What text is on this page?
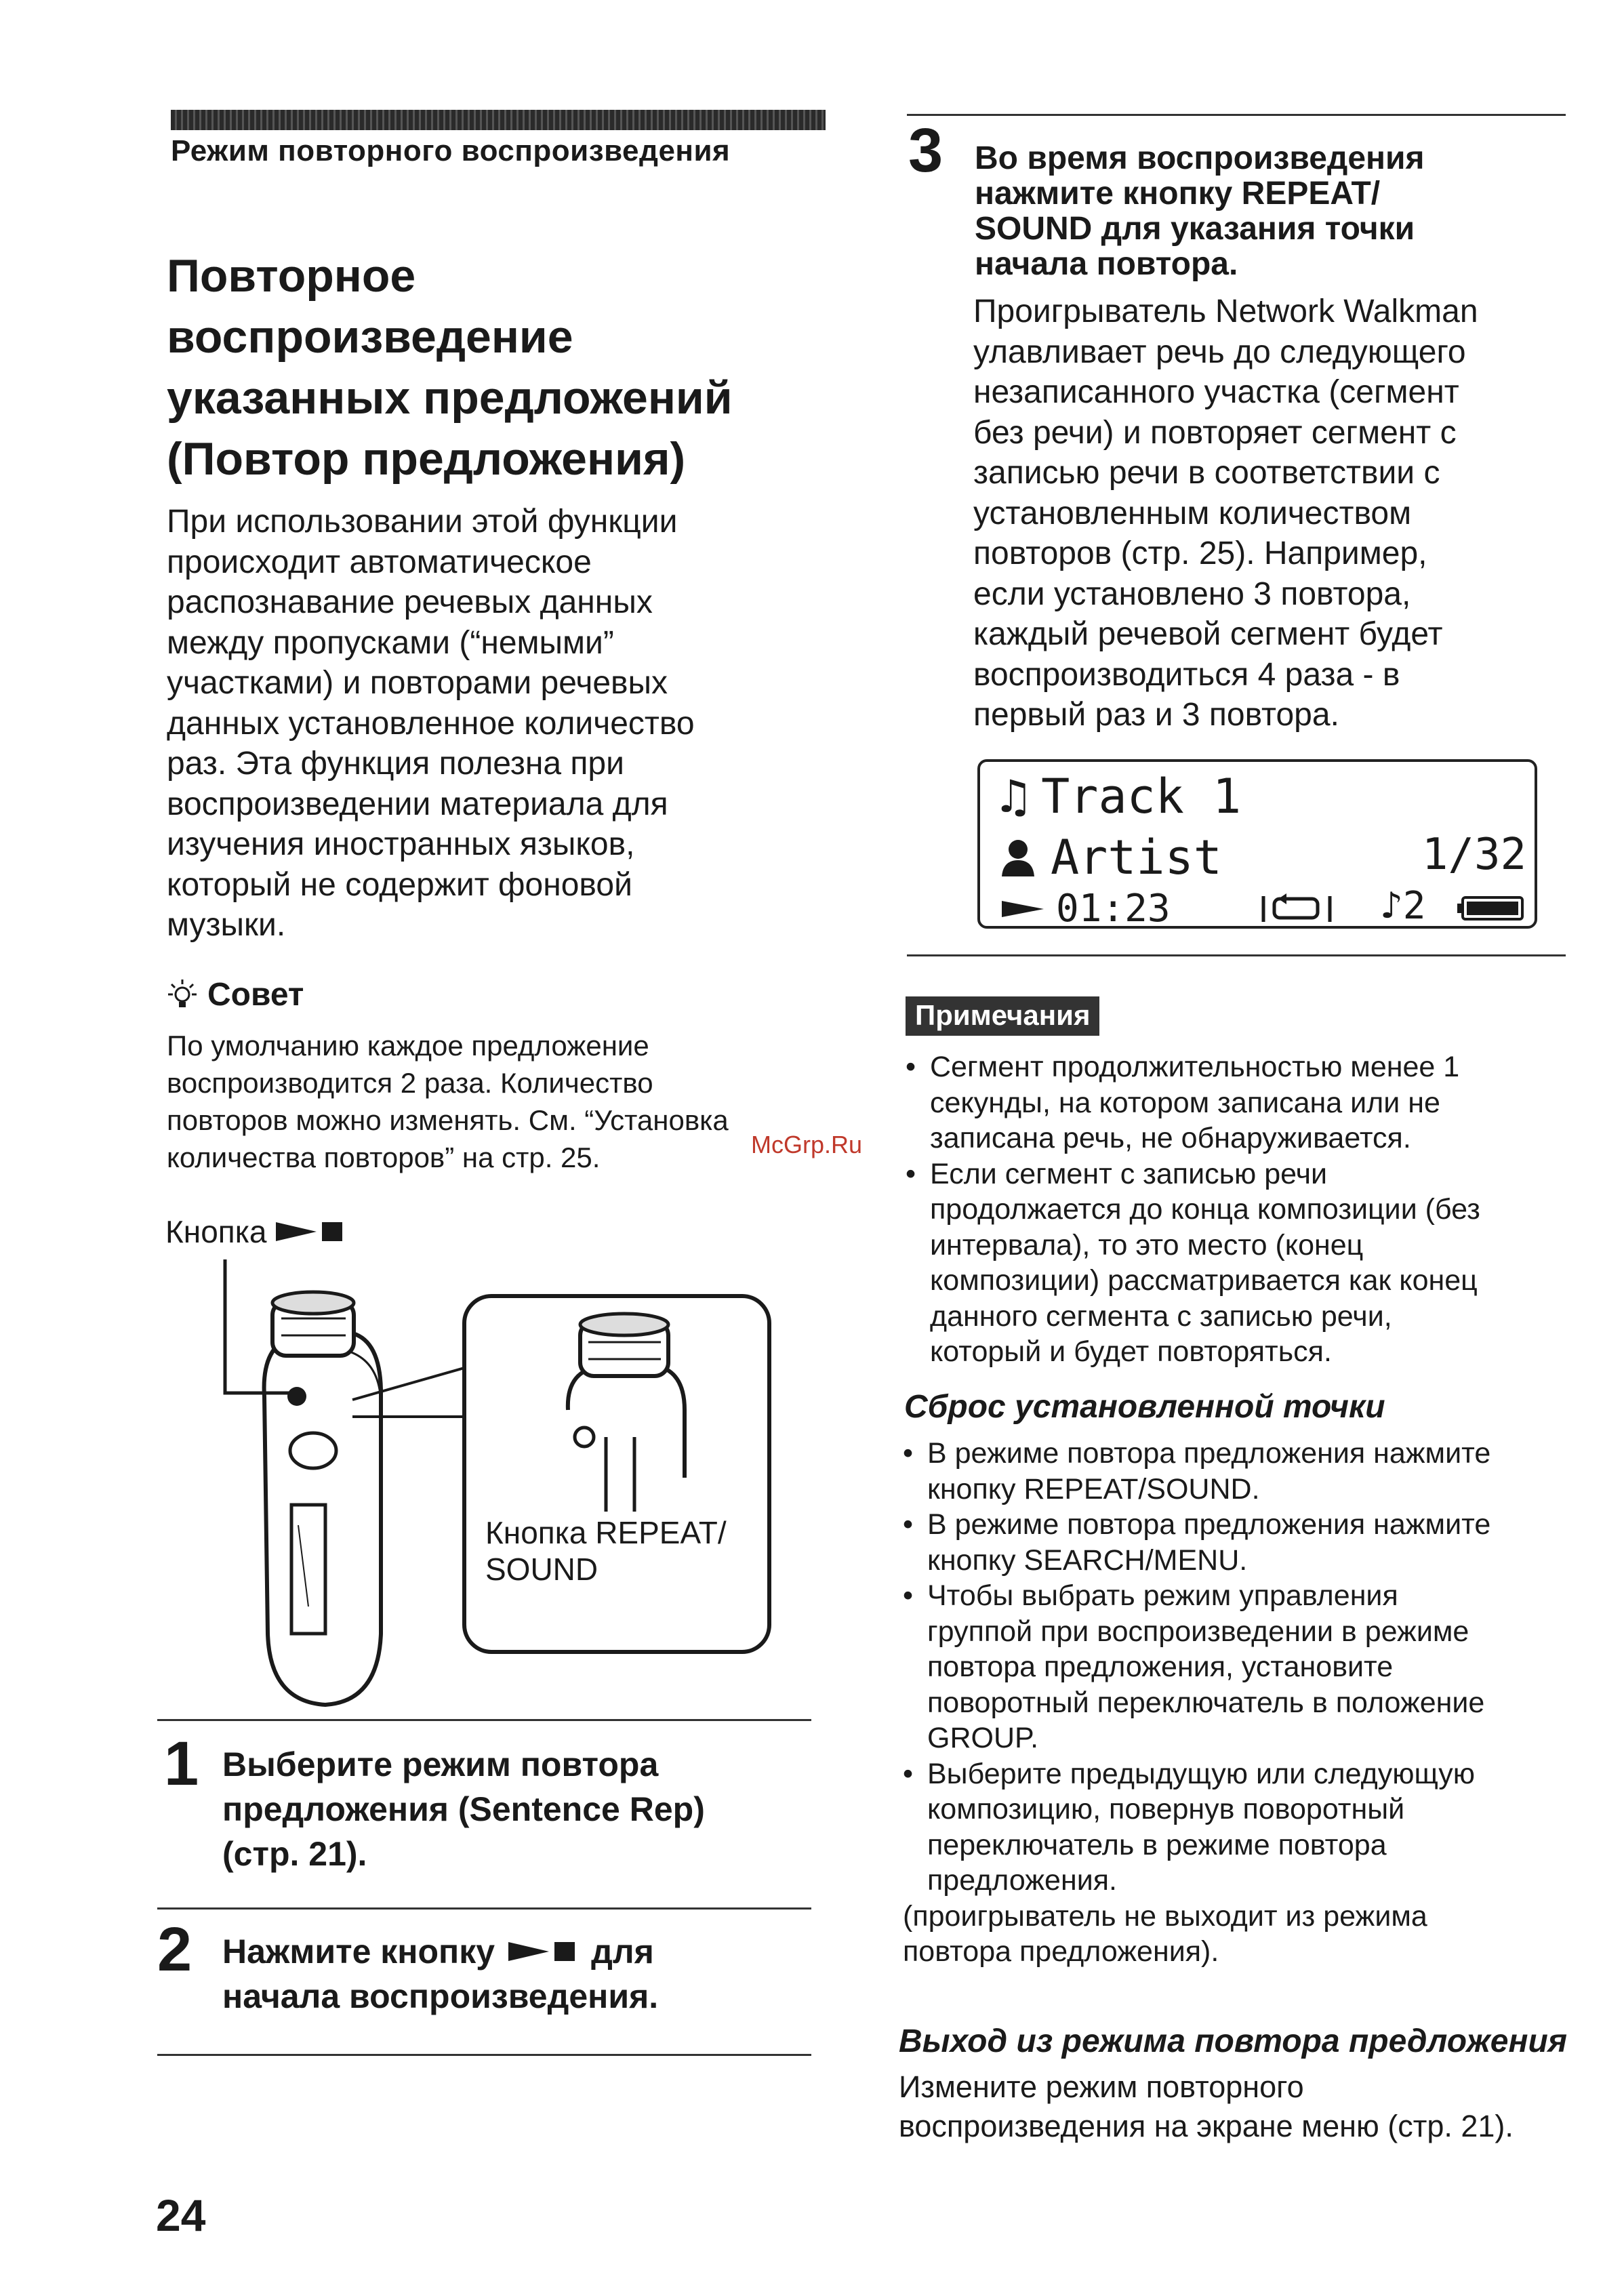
Режим повторного воспроизведения
Повторное
воспроизведение
указанных предложений
(Повтор предложения)
При использовании этой функции
происходит автоматическое
распознавание речевых данных
между пропусками (“немыми”
участками) и повторами речевых
данных установленное количество
раз. Эта функция полезна при
воспроизведении материала для
изучения иностранных языков,
который не содержит фоновой
музыки.
Совет
По умолчанию каждое предложение
воспроизводится 2 раза. Количество
повторов можно изменять. См. “Установка
количества повторов” на стр. 25.
Кнопка
Кнопка REPEAT/
SOUND
1 Выберите режим повтора
предложения (Sentence Rep)
(стр. 21).
2 Нажмите кнопку	для
начала воспроизведения.
24
3 Во время воспроизведения
нажмите кнопку REPEAT/
SOUND для указания точки
начала повтора.
Проигрыватель Network Walkman
улавливает речь до следующего
незаписанного участка (сегмент
без речи) и повторяет сегмент с
записью речи в соответствии с
установленным количеством
повторов (стр. 25). Например,
если установлено 3 повтора,
каждый речевой сегмент будет
воспроизводиться 4 раза - в
первый раз и 3 повтора.
♫ Track 1
Artist	1/32
01:23	♪ 2
Примечания
• Сегмент продолжительностью менее 1
секунды, на котором записана или не
записана речь, не обнаруживается.
• Если сегмент с записью речи
продолжается до конца композиции (без
интервала), то это место (конец
композиции) рассматривается как конец
данного сегмента с записью речи,
который и будет повторяться.
Сброс установленной точки
• В режиме повтора предложения нажмите
кнопку REPEAT/SOUND.
• В режиме повтора предложения нажмите
кнопку SEARCH/MENU.
• Чтобы выбрать режим управления
группой при воспроизведении в режиме
повтора предложения, установите
поворотный переключатель в положение
GROUP.
• Выберите предыдущую или следующую
композицию, повернув поворотный
переключатель в режиме повтора
предложения.
(проигрыватель не выходит из режима
повтора предложения).
Выход из режима повтора предложения
Измените режим повторного
воспроизведения на экране меню (стр. 21).
McGrp.Ru
